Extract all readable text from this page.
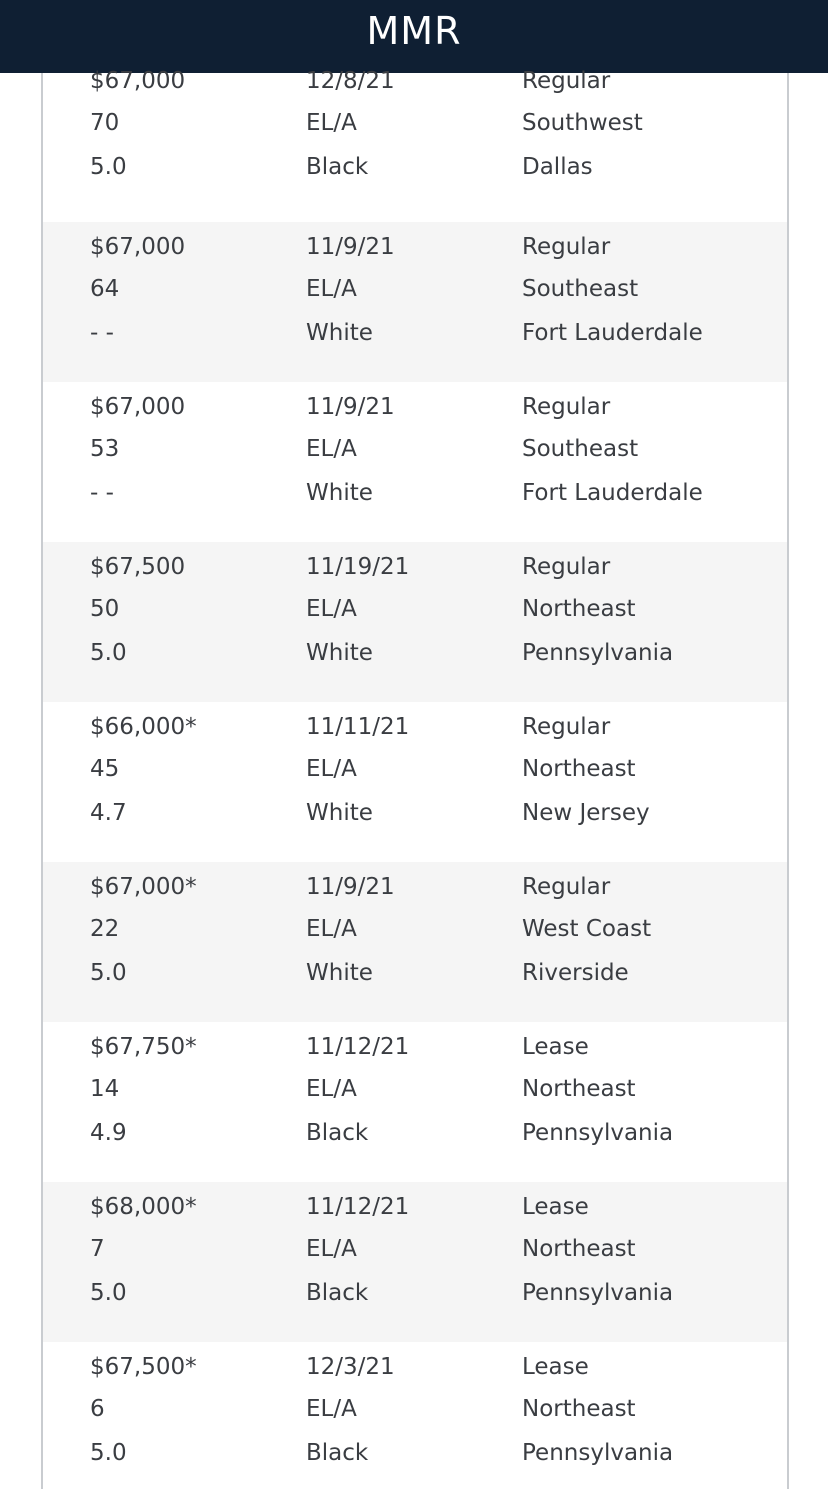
MMR
$67,000
70
5.0
12/8/21
EL/A
Black
Regular
Southwest
Dallas
$67,000
64
- -
11/9/21
EL/A
White
Regular
Southeast
Fort Lauderdale
$67,000
53
- -
11/9/21
EL/A
White
Regular
Southeast
Fort Lauderdale
$67,500
50
5.0
11/19/21
EL/A
White
Regular
Northeast
Pennsylvania
$66,000*
45
4.7
11/11/21
EL/A
White
Regular
Northeast
New Jersey
$67,000*
22
5.0
11/9/21
EL/A
White
Regular
West Coast
Riverside
$67,750*
14
4.9
11/12/21
EL/A
Black
Lease
Northeast
Pennsylvania
$68,000*
7
5.0
11/12/21
EL/A
Black
Lease
Northeast
Pennsylvania
$67,500*
6
5.0
12/3/21
EL/A
Black
Lease
Northeast
Pennsylvania
